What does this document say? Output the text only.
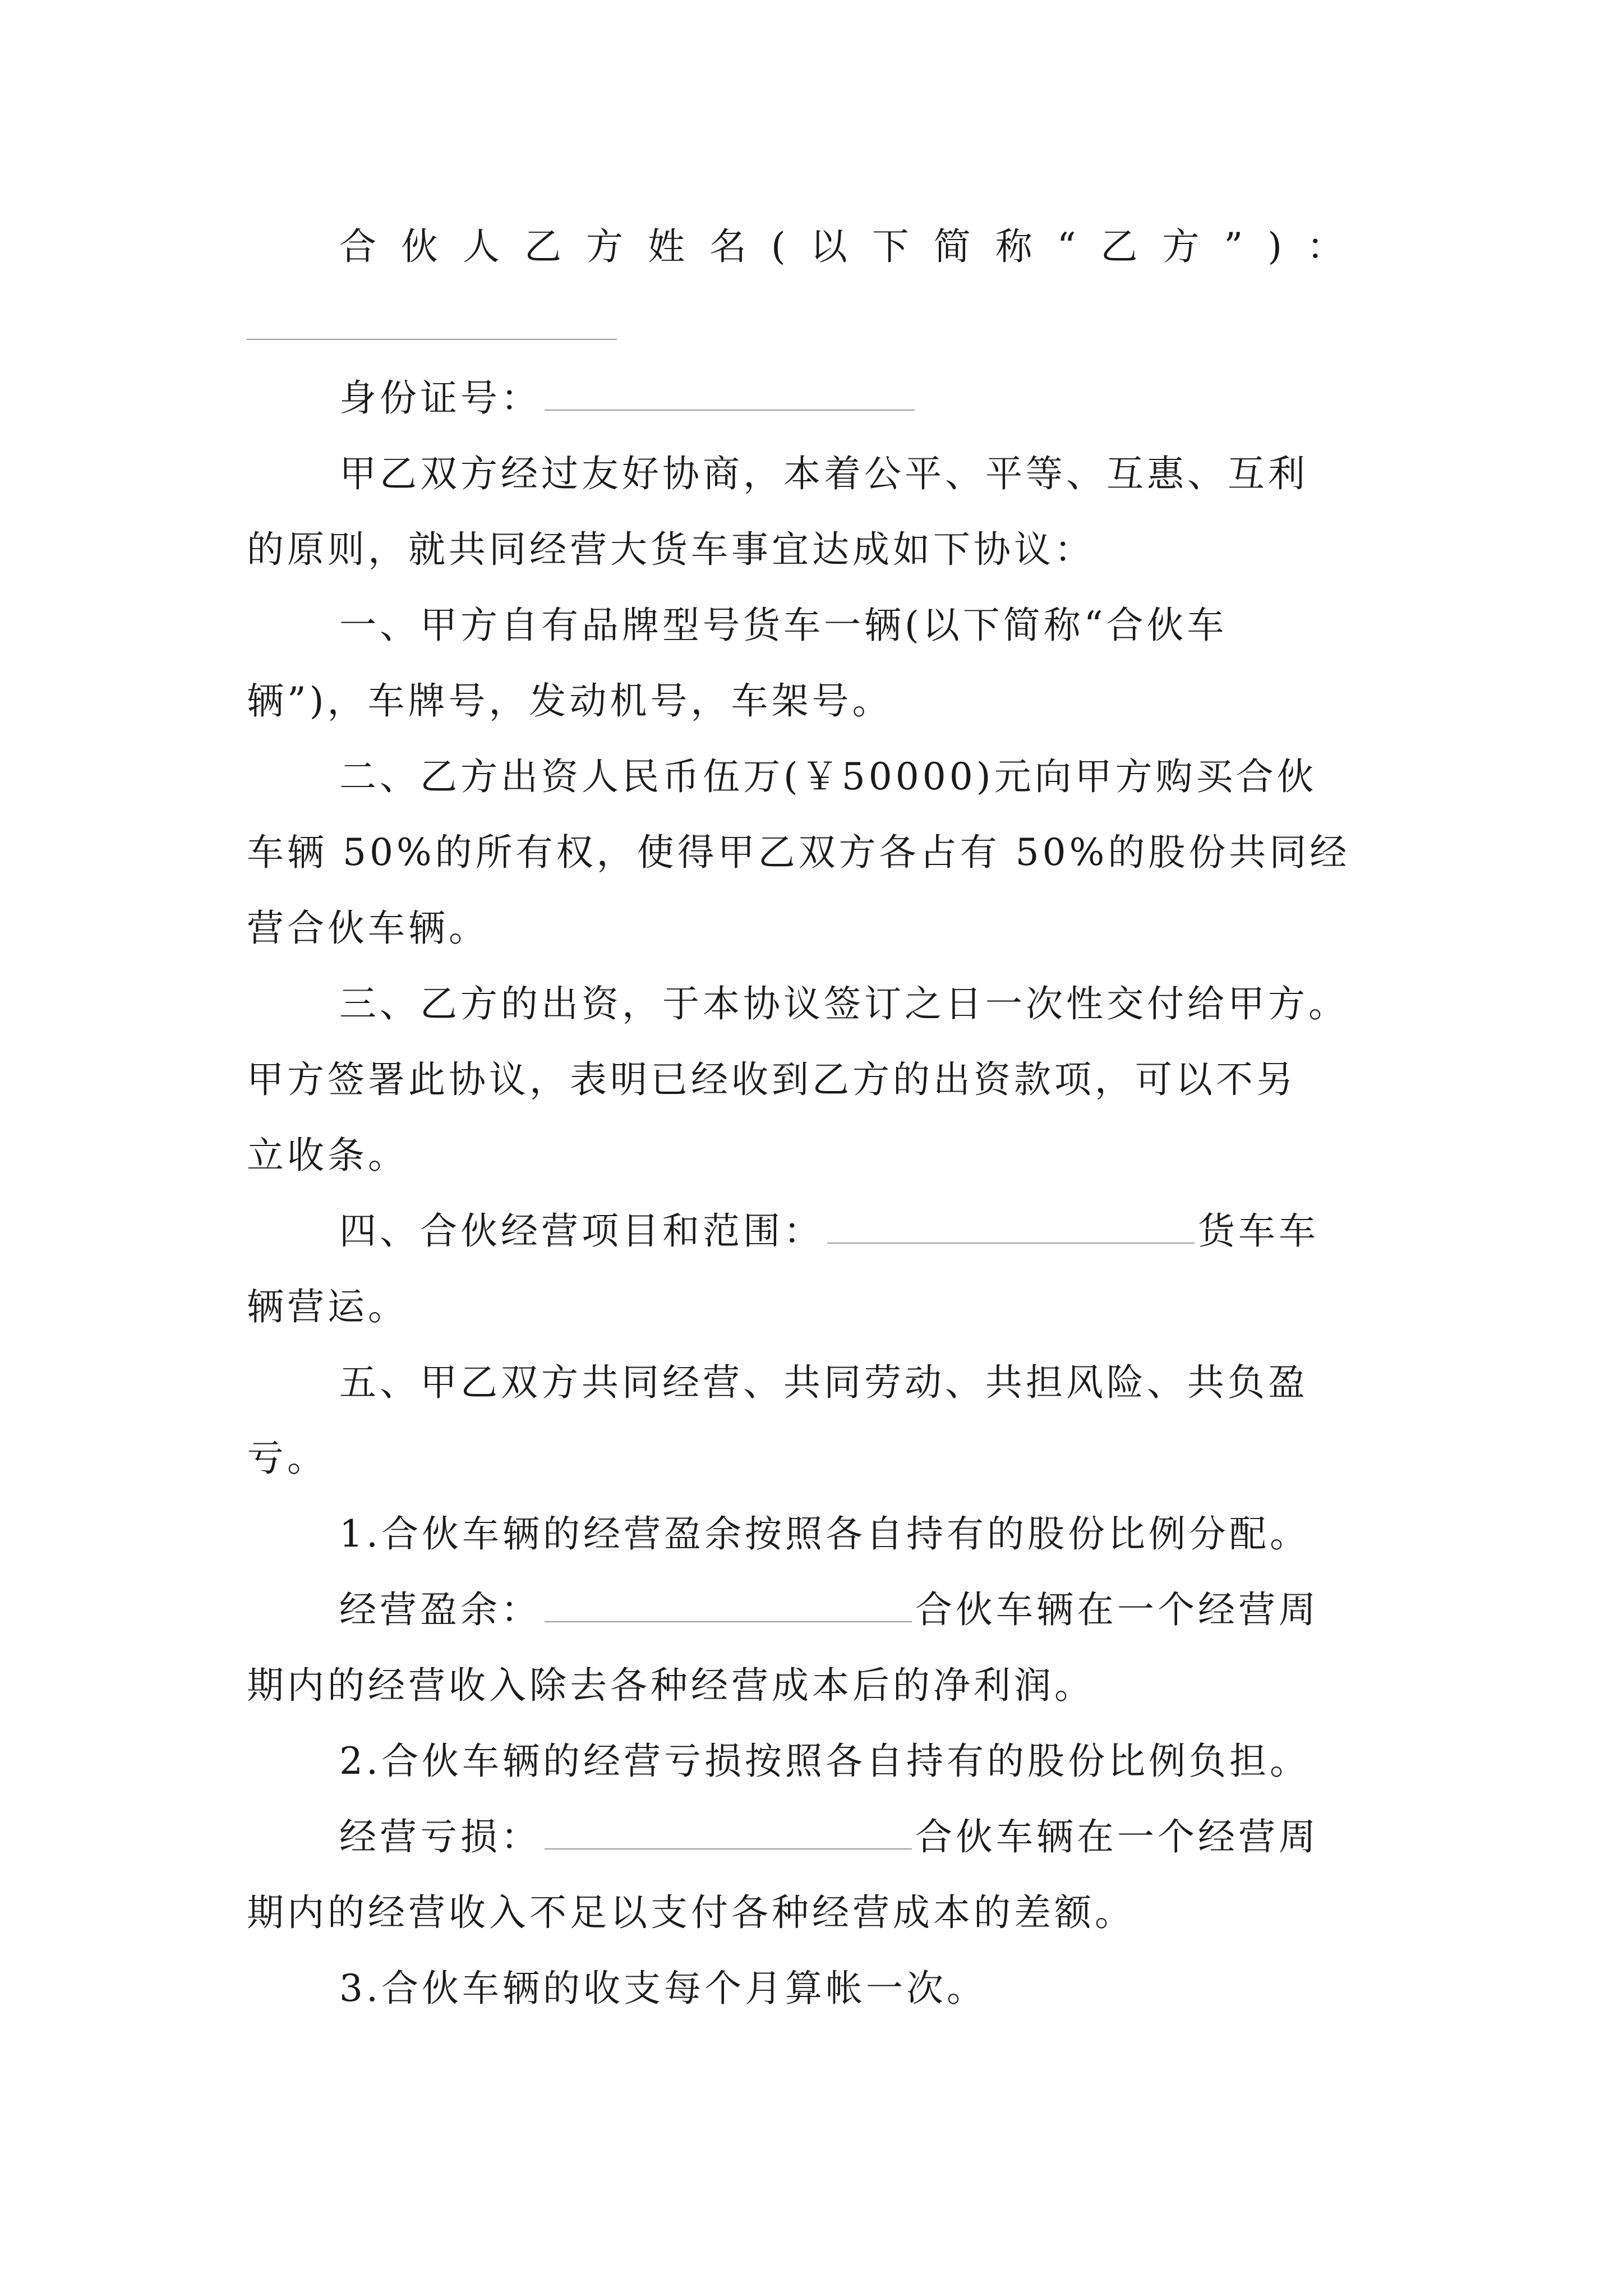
合伙人乙方姓名(以下简称“乙方”)：
身份证号：
甲乙双方经过友好协商，本着公平、平等、互惠、互利
的原则，就共同经营大货车事宜达成如下协议：
一、甲方自有品牌型号货车一辆(以下简称“合伙车
辆”)，车牌号，发动机号，车架号。
二、乙方出资人民币伍万(￥50000)元向甲方购买合伙
车辆 50%的所有权，使得甲乙双方各占有 50%的股份共同经
营合伙车辆。
三、乙方的出资，于本协议签订之日一次性交付给甲方。
甲方签署此协议，表明已经收到乙方的出资款项，可以不另
立收条。
四、合伙经营项目和范围：	货车车
辆营运。
五、甲乙双方共同经营、共同劳动、共担风险、共负盈
亏。
1.合伙车辆的经营盈余按照各自持有的股份比例分配。
经营盈余：	合伙车辆在一个经营周
期内的经营收入除去各种经营成本后的净利润。
2.合伙车辆的经营亏损按照各自持有的股份比例负担。
经营亏损：	合伙车辆在一个经营周
期内的经营收入不足以支付各种经营成本的差额。
3.合伙车辆的收支每个月算帐一次。
